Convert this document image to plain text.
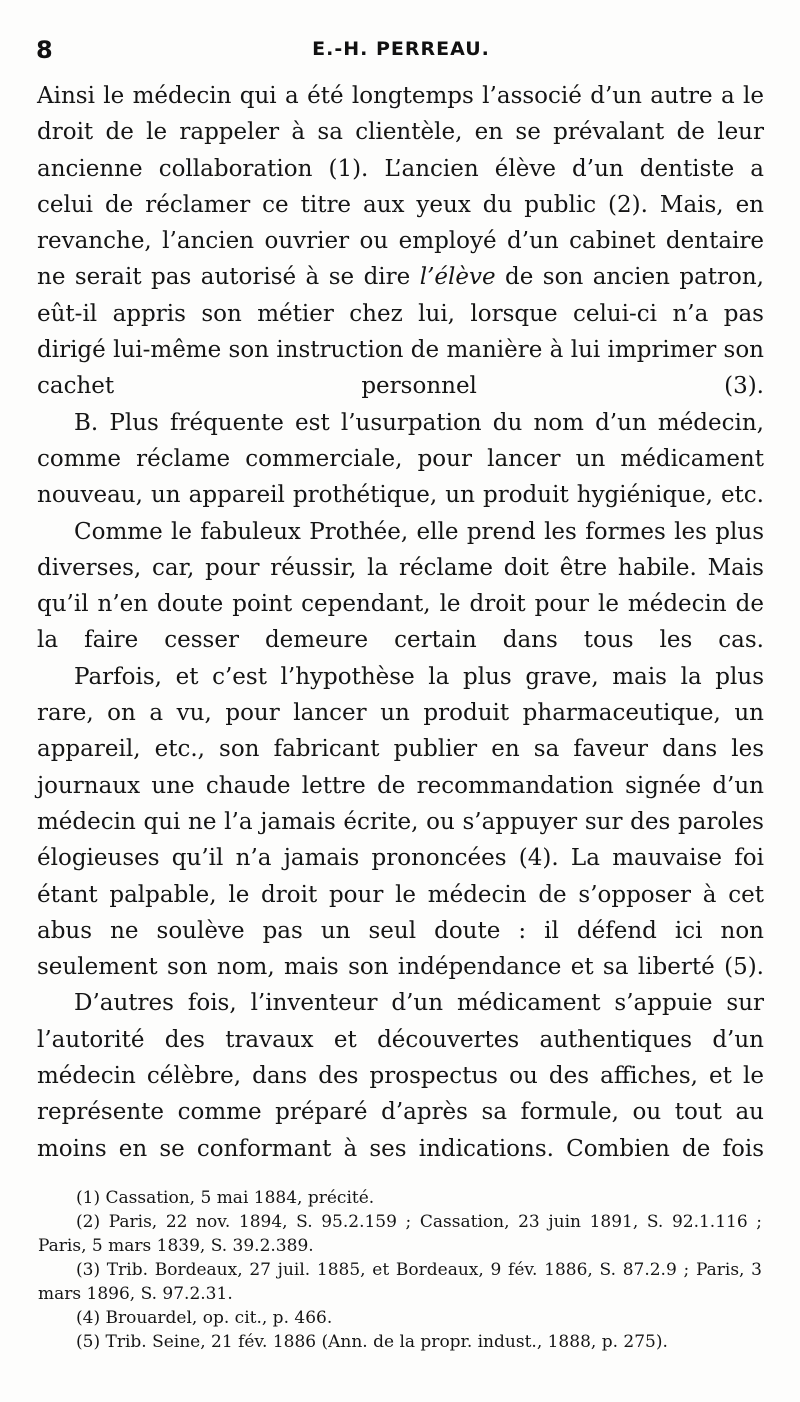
8	E.-H. PERREAU.

Ainsi le médecin qui a été longtemps l’associé d’un autre a le droit de le rappeler à sa clientèle, en se prévalant de leur ancienne collaboration (1). L’ancien élève d’un dentiste a celui de réclamer ce titre aux yeux du public (2). Mais, en revanche, l’ancien ouvrier ou employé d’un cabinet dentaire ne serait pas autorisé à se dire l’élève de son ancien patron, eût-il appris son métier chez lui, lorsque celui-ci n’a pas dirigé lui-même son instruction de manière à lui imprimer son cachet personnel (3).

B. Plus fréquente est l’usurpation du nom d’un médecin, comme réclame commerciale, pour lancer un médicament nouveau, un appareil prothétique, un produit hygiénique, etc.

Comme le fabuleux Prothée, elle prend les formes les plus diverses, car, pour réussir, la réclame doit être habile. Mais qu’il n’en doute point cependant, le droit pour le médecin de la faire cesser demeure certain dans tous les cas.

Parfois, et c’est l’hypothèse la plus grave, mais la plus rare, on a vu, pour lancer un produit pharmaceutique, un appareil, etc., son fabricant publier en sa faveur dans les journaux une chaude lettre de recommandation signée d’un médecin qui ne l’a jamais écrite, ou s’appuyer sur des paroles élogieuses qu’il n’a jamais prononcées (4). La mauvaise foi étant palpable, le droit pour le médecin de s’opposer à cet abus ne soulève pas un seul doute : il défend ici non seulement son nom, mais son indépendance et sa liberté (5).

D’autres fois, l’inventeur d’un médicament s’appuie sur l’autorité des travaux et découvertes authentiques d’un médecin célèbre, dans des prospectus ou des affiches, et le représente comme préparé d’après sa formule, ou tout au moins en se conformant à ses indications. Combien de fois

(1) Cassation, 5 mai 1884, précité.

(2) Paris, 22 nov. 1894, S. 95.2.159 ; Cassation, 23 juin 1891, S. 92.1.116 ; Paris, 5 mars 1839, S. 39.2.389.

(3) Trib. Bordeaux, 27 juil. 1885, et Bordeaux, 9 fév. 1886, S. 87.2.9 ; Paris, 3 mars 1896, S. 97.2.31.

(4) Brouardel, op. cit., p. 466.

(5) Trib. Seine, 21 fév. 1886 (Ann. de la propr. indust., 1888, p. 275).
